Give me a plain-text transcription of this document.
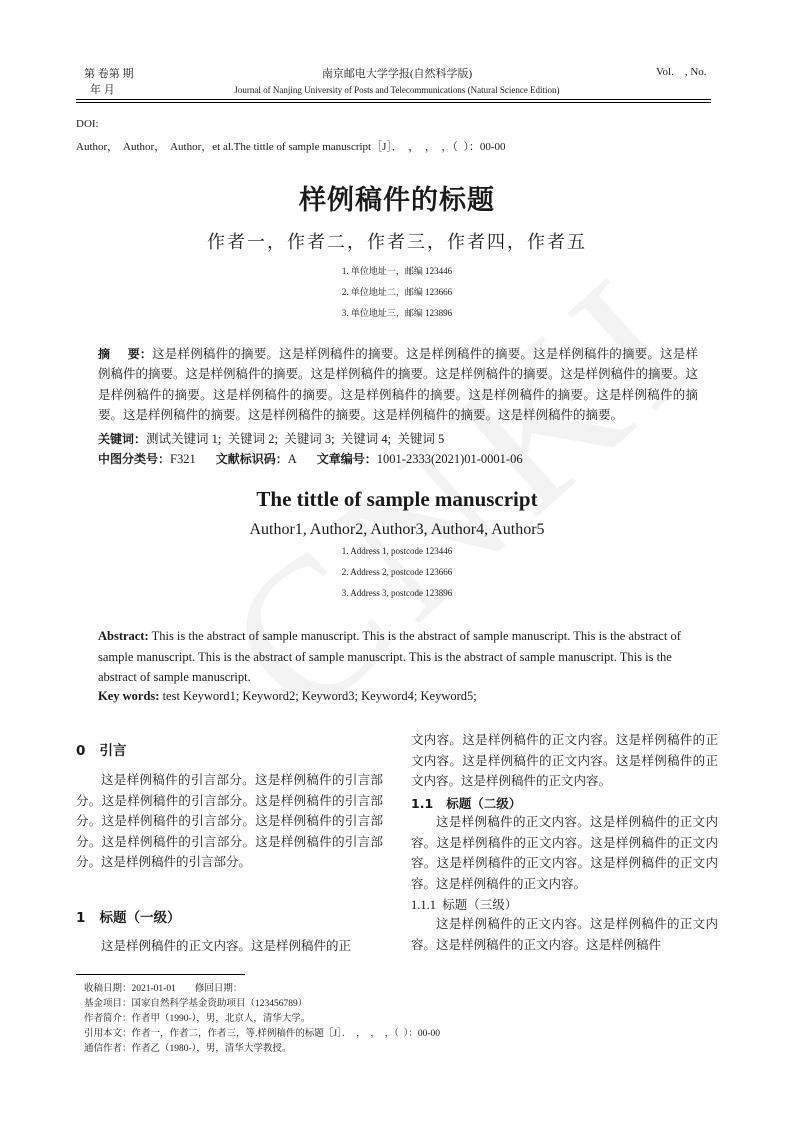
第 卷第 期
年 月
南京邮电大学学报(自然科学版)
Journal of Nanjing University of Posts and Telecommunications (Natural Science Edition)
Vol.    , No.
DOI:
Author，  Author，  Author，et al.The tittle of sample manuscript［J］．  ，  ，  ，（  ）：00-00
样例稿件的标题
作者一，作者二，作者三，作者四，作者五
1. 单位地址一，邮编 123446
2. 单位地址二，邮编 123666
3. 单位地址三，邮编 123896
摘    要：这是样例稿件的摘要。这是样例稿件的摘要。这是样例稿件的摘要。这是样例稿件的摘要。这是样例稿件的摘要。这是样例稿件的摘要。这是样例稿件的摘要。这是样例稿件的摘要。这是样例稿件的摘要。这是样例稿件的摘要。这是样例稿件的摘要。这是样例稿件的摘要。这是样例稿件的摘要。这是样例稿件的摘要。这是样例稿件的摘要。这是样例稿件的摘要。这是样例稿件的摘要。这是样例稿件的摘要。
关键词：测试关键词 1;  关键词 2;  关键词 3;  关键词 4;  关键词 5
中图分类号：F321 文献标识码：A 文章编号：1001-2333(2021)01-0001-06
The tittle of sample manuscript
Author1, Author2, Author3, Author4, Author5
1. Address 1, postcode 123446
2. Address 2, postcode 123666
3. Address 3, postcode 123896
Abstract: This is the abstract of sample manuscript. This is the abstract of sample manuscript. This is the abstract of sample manuscript. This is the abstract of sample manuscript. This is the abstract of sample manuscript. This is the abstract of sample manuscript.
Key words: test Keyword1; Keyword2; Keyword3; Keyword4; Keyword5;
0   引言
这是样例稿件的引言部分。这是样例稿件的引言部分。这是样例稿件的引言部分。这是样例稿件的引言部分。这是样例稿件的引言部分。这是样例稿件的引言部分。这是样例稿件的引言部分。这是样例稿件的引言部分。这是样例稿件的引言部分。
1   标题（一级）
这是样例稿件的正文内容。这是样例稿件的正
文内容。这是样例稿件的正文内容。这是样例稿件的正文内容。这是样例稿件的正文内容。这是样例稿件的正文内容。这是样例稿件的正文内容。
1.1   标题（二级）
这是样例稿件的正文内容。这是样例稿件的正文内容。这是样例稿件的正文内容。这是样例稿件的正文内容。这是样例稿件的正文内容。这是样例稿件的正文内容。这是样例稿件的正文内容。
1.1.1  标题（三级）
这是样例稿件的正文内容。这是样例稿件的正文内容。这是样例稿件的正文内容。这是样例稿件
收稿日期：2021-01-01        修回日期：
基金项目：国家自然科学基金资助项目（123456789）
作者简介：作者甲（1990-），男，北京人，清华大学。
引用本文：作者一，作者二，作者三，等.样例稿件的标题［J］．  ，  ，  ，（  ）：00-00
通信作者：作者乙（1980-），男，清华大学教授。
